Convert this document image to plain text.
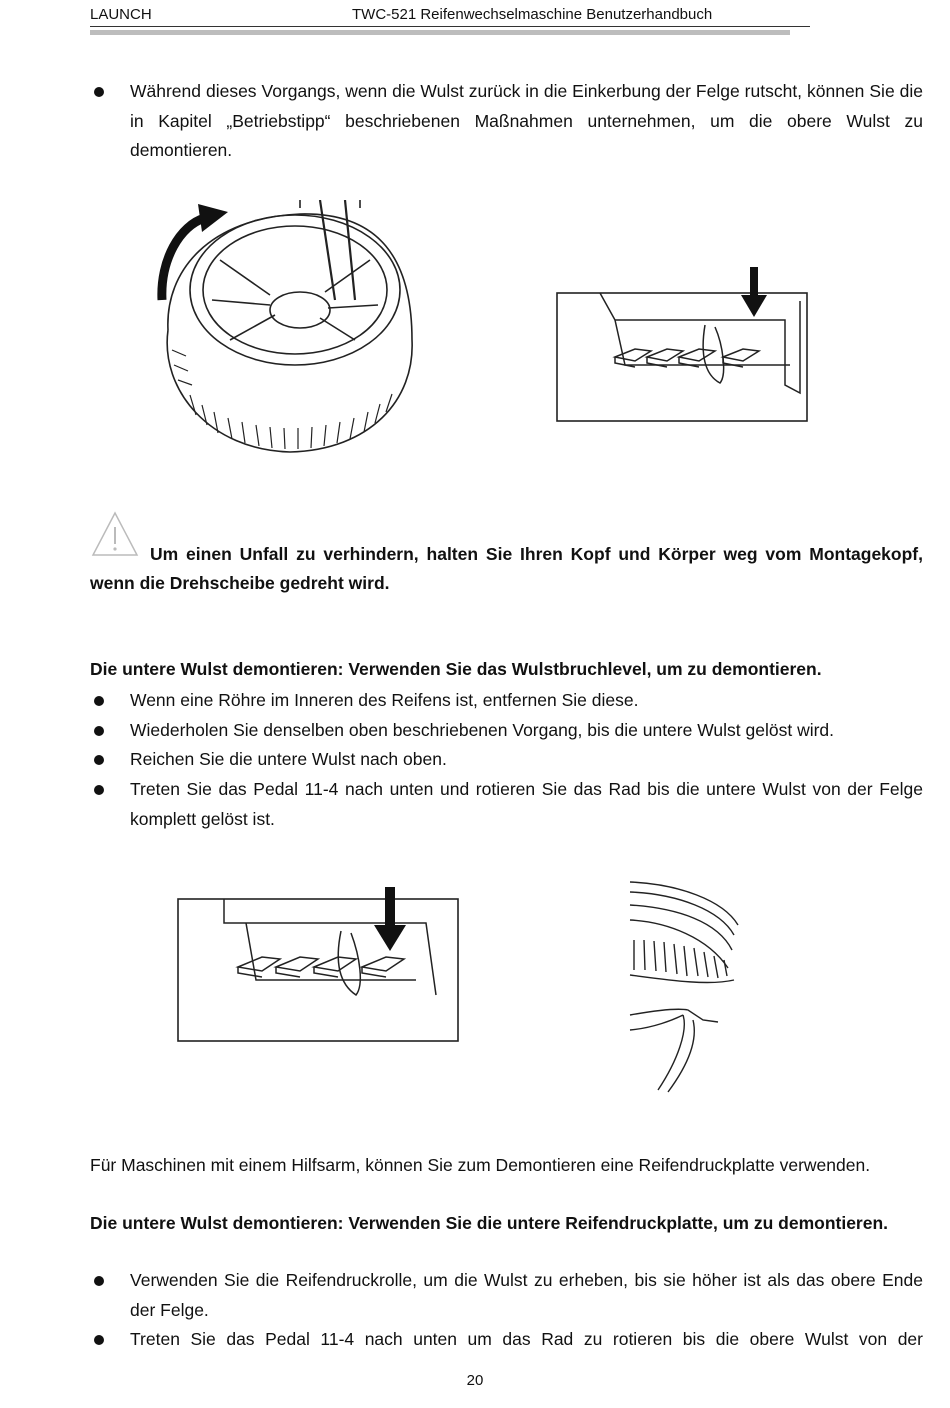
LAUNCH	TWC-521 Reifenwechselmaschine Benutzerhandbuch
Während dieses Vorgangs, wenn die Wulst zurück in die Einkerbung der Felge rutscht, können Sie die in Kapitel „Betriebstipp“ beschriebenen Maßnahmen unternehmen, um die obere Wulst zu demontieren.
Um einen Unfall zu verhindern, halten Sie Ihren Kopf und Körper weg vom Montagekopf, wenn die Drehscheibe gedreht wird.
Die untere Wulst demontieren: Verwenden Sie das Wulstbruchlevel, um zu demontieren.
Wenn eine Röhre im Inneren des Reifens ist, entfernen Sie diese.
Wiederholen Sie denselben oben beschriebenen Vorgang, bis die untere Wulst gelöst wird.
Reichen Sie die untere Wulst nach oben.
Treten Sie das Pedal 11-4 nach unten und rotieren Sie das Rad bis die untere Wulst von der Felge komplett gelöst ist.
Für Maschinen mit einem Hilfsarm, können Sie zum Demontieren eine Reifendruckplatte verwenden.
Die untere Wulst demontieren: Verwenden Sie die untere Reifendruckplatte, um zu demontieren.
Verwenden Sie die Reifendruckrolle, um die Wulst zu erheben, bis sie höher ist als das obere Ende der Felge.
Treten Sie das Pedal 11-4 nach unten um das Rad zu rotieren bis die obere Wulst von der
20
